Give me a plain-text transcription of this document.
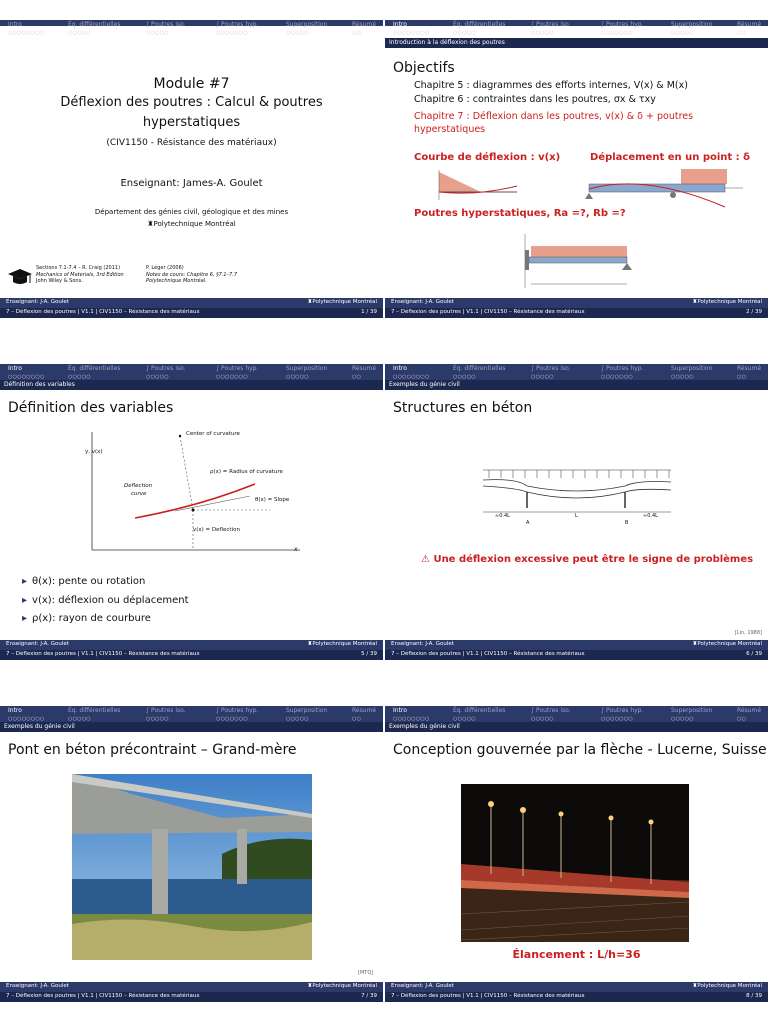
Intro
○○○○○○○○
Éq. différentielles
○○○○○
∫ Poutres iso.
○○○○○
∫ Poutres hyp.
○○○○○○○
Superposition
○○○○○
Résumé
○○
Module #7
Déflexion des poutres : Calcul & poutres
hyperstatiques
(CIV1150 - Résistance des matériaux)
Enseignant: James-A. Goulet
Département des génies civil, géologique et des mines
♜Polytechnique Montréal
Sections 7.1-7.4 – R. Craig (2011)
Mechanics of Materials, 3rd Edition
John Wiley & Sons.
P. Léger (2006)
Notes de cours: Chapitre 6, §7.1–7.7
Polytechnique Montréal.
Enseignant: J-A. Goulet	♜Polytechnique Montréal
7 – Déflexion des poutres | V1.1 | CIV1150 – Résistance des matériaux	1 / 39
Intro
○○○○○○○○
Éq. différentielles
○○○○○
∫ Poutres iso.
○○○○○
∫ Poutres hyp.
○○○○○○○
Superposition
○○○○○
Résumé
○○
Introduction à la déflexion des poutres
Objectifs
Chapitre 5 : diagrammes des efforts internes, V(x) & M(x)
Chapitre 6 : contraintes dans les poutres, σx & τxy
Chapitre 7 : Déflexion dans les poutres, v(x) & δ + poutres
hyperstatiques
Courbe de déflexion : v(x)	Déplacement en un point : δ
Poutres hyperstatiques, Ra =?, Rb =?
Enseignant: J-A. Goulet	♜Polytechnique Montréal
7 – Déflexion des poutres | V1.1 | CIV1150 – Résistance des matériaux	2 / 39
Intro
○○○○○○○○
Éq. différentielles
○○○○○
∫ Poutres iso.
○○○○○
∫ Poutres hyp.
○○○○○○○
Superposition
○○○○○
Résumé
○○
Définition des variables
Définition des variables
Center of curvature
ρ(x) = Radius of curvature
θ(x) = Slope
v(x) = Deflection
Deflection
curve
y, v(x)
x
▸ θ(x): pente ou rotation
▸ v(x): déflexion ou déplacement
▸ ρ(x): rayon de courbure
Enseignant: J-A. Goulet	♜Polytechnique Montréal
7 – Déflexion des poutres | V1.1 | CIV1150 – Résistance des matériaux	5 / 39
Intro
○○○○○○○○
Éq. différentielles
○○○○○
∫ Poutres iso.
○○○○○
∫ Poutres hyp.
○○○○○○○
Superposition
○○○○○
Résumé
○○
Exemples du génie civil
Structures en béton
≈0.4L	L	≈0.4L
A	B
⚠ Une déflexion excessive peut être le signe de problèmes
[Lin, 1988]
Enseignant: J-A. Goulet	♜Polytechnique Montréal
7 – Déflexion des poutres | V1.1 | CIV1150 – Résistance des matériaux	6 / 39
Intro
○○○○○○○○
Éq. différentielles
○○○○○
∫ Poutres iso.
○○○○○
∫ Poutres hyp.
○○○○○○○
Superposition
○○○○○
Résumé
○○
Exemples du génie civil
Pont en béton précontraint – Grand-mère
[MTQ]
Enseignant: J-A. Goulet	♜Polytechnique Montréal
7 – Déflexion des poutres | V1.1 | CIV1150 – Résistance des matériaux	7 / 39
Intro
○○○○○○○○
Éq. différentielles
○○○○○
∫ Poutres iso.
○○○○○
∫ Poutres hyp.
○○○○○○○
Superposition
○○○○○
Résumé
○○
Exemples du génie civil
Conception gouvernée par la flèche - Lucerne, Suisse
Élancement : L/h=36
Enseignant: J-A. Goulet	♜Polytechnique Montréal
7 – Déflexion des poutres | V1.1 | CIV1150 – Résistance des matériaux	8 / 39
